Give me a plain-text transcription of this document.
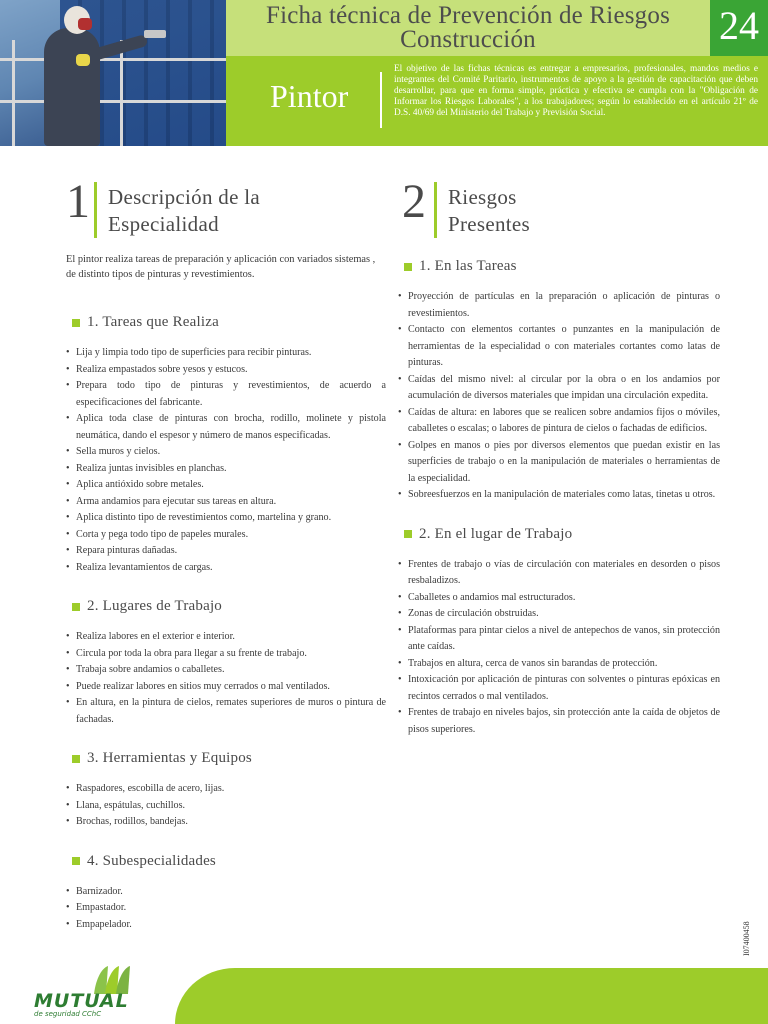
Ficha técnica de Prevención de Riesgos
Construcción	24
Pintor
El objetivo de las fichas técnicas es entregar a empresarios, profesionales, mandos medios e integrantes del Comité Paritario, instrumentos de apoyo a la gestión de capacitación que deben desarrollar, para que en forma simple, práctica y efectiva se cumpla con la "Obligación de Informar los Riesgos Laborales", a los trabajadores; según lo establecido en el artículo 21º de D.S. 40/69 del Ministerio del Trabajo y Previsión Social.
1 Descripción de la
Especialidad

El pintor realiza tareas de preparación y aplicación con variados sistemas , de distinto tipos de pinturas y revestimientos.

1. Tareas que Realiza
• Lija y limpia todo tipo de superficies para recibir pinturas.
• Realiza empastados sobre yesos y estucos.
• Prepara todo tipo de pinturas y revestimientos, de acuerdo a especificaciones del fabricante.
• Aplica toda clase de pinturas con brocha, rodillo, molinete y pistola neumática, dando el espesor y número de manos especificadas.
• Sella muros y cielos.
• Realiza juntas invisibles en planchas.
• Aplica antióxido sobre metales.
• Arma andamios para ejecutar sus tareas en altura.
• Aplica distinto tipo de revestimientos como, martelina y grano.
• Corta y pega todo tipo de papeles murales.
• Repara pinturas dañadas.
• Realiza levantamientos de cargas.
2. Lugares de Trabajo
• Realiza labores en el exterior e interior.
• Circula por toda la obra para llegar a su frente de trabajo.
• Trabaja sobre andamios o caballetes.
• Puede realizar labores en sitios muy cerrados o mal ventilados.
• En altura, en la pintura de cielos, remates superiores de muros o pintura de fachadas.
3. Herramientas y Equipos
• Raspadores, escobilla de acero, lijas.
• Llana, espátulas, cuchillos.
• Brochas, rodillos, bandejas.
4. Subespecialidades
• Barnizador.
• Empastador.
• Empapelador.
2 Riesgos
Presentes
1. En las Tareas
• Proyección de partículas en la preparación o aplicación de pinturas o revestimientos.
• Contacto con elementos cortantes o punzantes en la manipulación de herramientas de la especialidad o con materiales cortantes como latas de pinturas.
• Caídas del mismo nivel: al circular por la obra o en los andamios por acumulación de diversos materiales que impidan una circulación expedita.
• Caídas de altura: en labores que se realicen sobre andamios fijos o móviles, caballetes o escalas; o labores de pintura de cielos o fachadas de edificios.
• Golpes en manos o pies por diversos elementos que puedan existir en las superficies de trabajo o en la manipulación de materiales o herramientas de la especialidad.
• Sobreesfuerzos en la manipulación de materiales como latas, tinetas u otros.
2. En el lugar de Trabajo
• Frentes de trabajo o vías de circulación con materiales en desorden o pisos resbaladizos.
• Caballetes o andamios mal estructurados.
• Zonas de circulación obstruidas.
• Plataformas para pintar cielos a nivel de antepechos de vanos, sin protección ante caídas.
• Trabajos en altura, cerca de vanos sin barandas de protección.
• Intoxicación por aplicación de pinturas con solventes o pinturas epóxicas en recintos cerrados o mal ventilados.
• Frentes de trabajo en niveles bajos, sin protección ante la caída de objetos de pisos superiores.
MUTUAL
de seguridad CChC
I07400458
